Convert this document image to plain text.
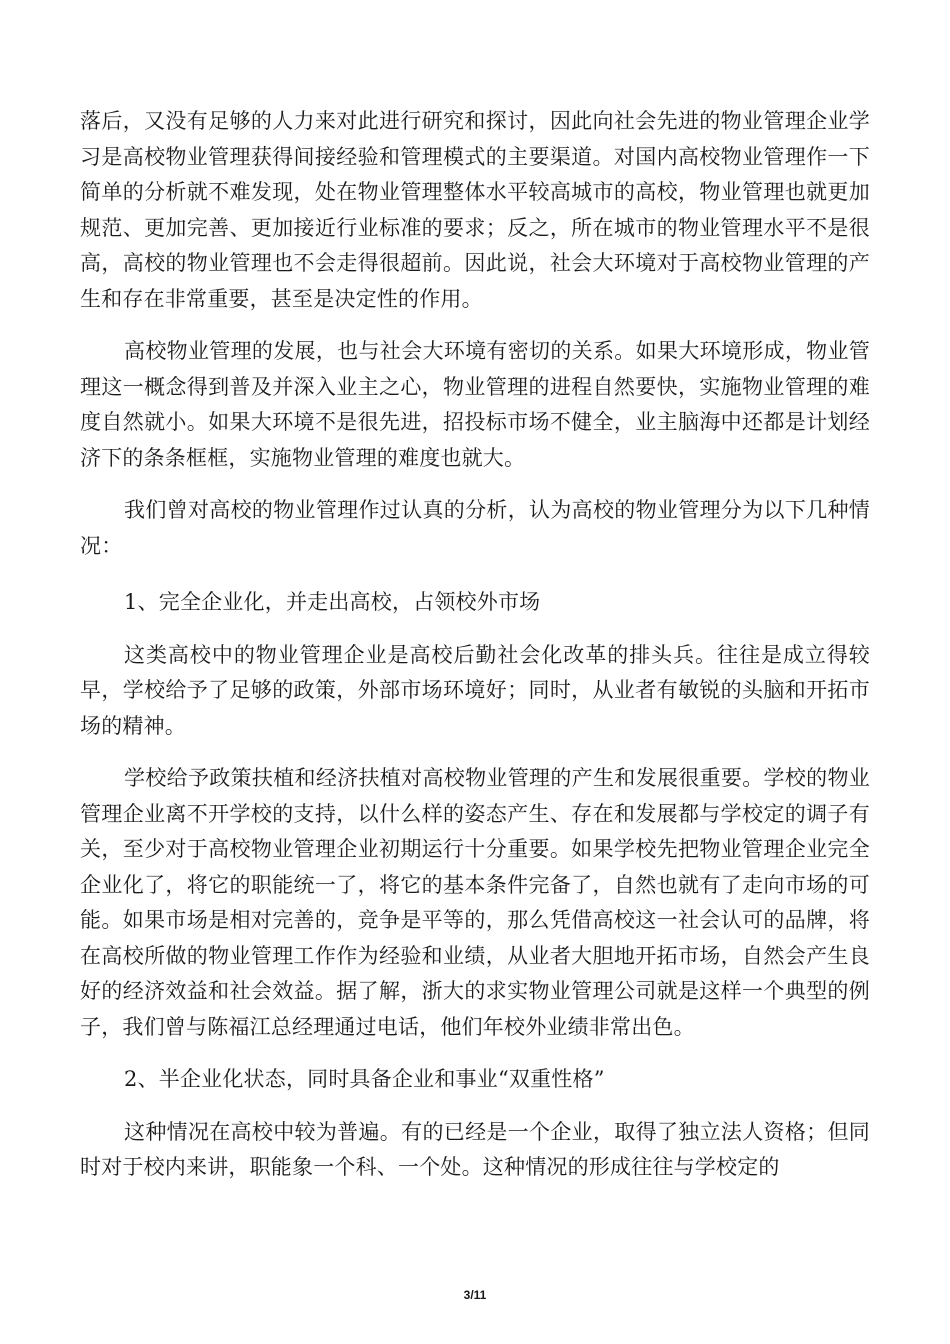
落后，又没有足够的人力来对此进行研究和探讨，因此向社会先进的物业管理企业学习是高校物业管理获得间接经验和管理模式的主要渠道。对国内高校物业管理作一下简单的分析就不难发现，处在物业管理整体水平较高城市的高校，物业管理也就更加规范、更加完善、更加接近行业标准的要求；反之，所在城市的物业管理水平不是很高，高校的物业管理也不会走得很超前。因此说，社会大环境对于高校物业管理的产生和存在非常重要，甚至是决定性的作用。

高校物业管理的发展，也与社会大环境有密切的关系。如果大环境形成，物业管理这一概念得到普及并深入业主之心，物业管理的进程自然要快，实施物业管理的难度自然就小。如果大环境不是很先进，招投标市场不健全，业主脑海中还都是计划经济下的条条框框，实施物业管理的难度也就大。

我们曾对高校的物业管理作过认真的分析，认为高校的物业管理分为以下几种情况：

1、完全企业化，并走出高校，占领校外市场

这类高校中的物业管理企业是高校后勤社会化改革的排头兵。往往是成立得较早，学校给予了足够的政策，外部市场环境好；同时，从业者有敏锐的头脑和开拓市场的精神。

学校给予政策扶植和经济扶植对高校物业管理的产生和发展很重要。学校的物业管理企业离不开学校的支持，以什么样的姿态产生、存在和发展都与学校定的调子有关，至少对于高校物业管理企业初期运行十分重要。如果学校先把物业管理企业完全企业化了，将它的职能统一了，将它的基本条件完备了，自然也就有了走向市场的可能。如果市场是相对完善的，竞争是平等的，那么凭借高校这一社会认可的品牌，将在高校所做的物业管理工作作为经验和业绩，从业者大胆地开拓市场，自然会产生良好的经济效益和社会效益。据了解，浙大的求实物业管理公司就是这样一个典型的例子，我们曾与陈福江总经理通过电话，他们年校外业绩非常出色。

2、半企业化状态，同时具备企业和事业“双重性格”

这种情况在高校中较为普遍。有的已经是一个企业，取得了独立法人资格；但同时对于校内来讲，职能象一个科、一个处。这种情况的形成往往与学校定的

3/11
